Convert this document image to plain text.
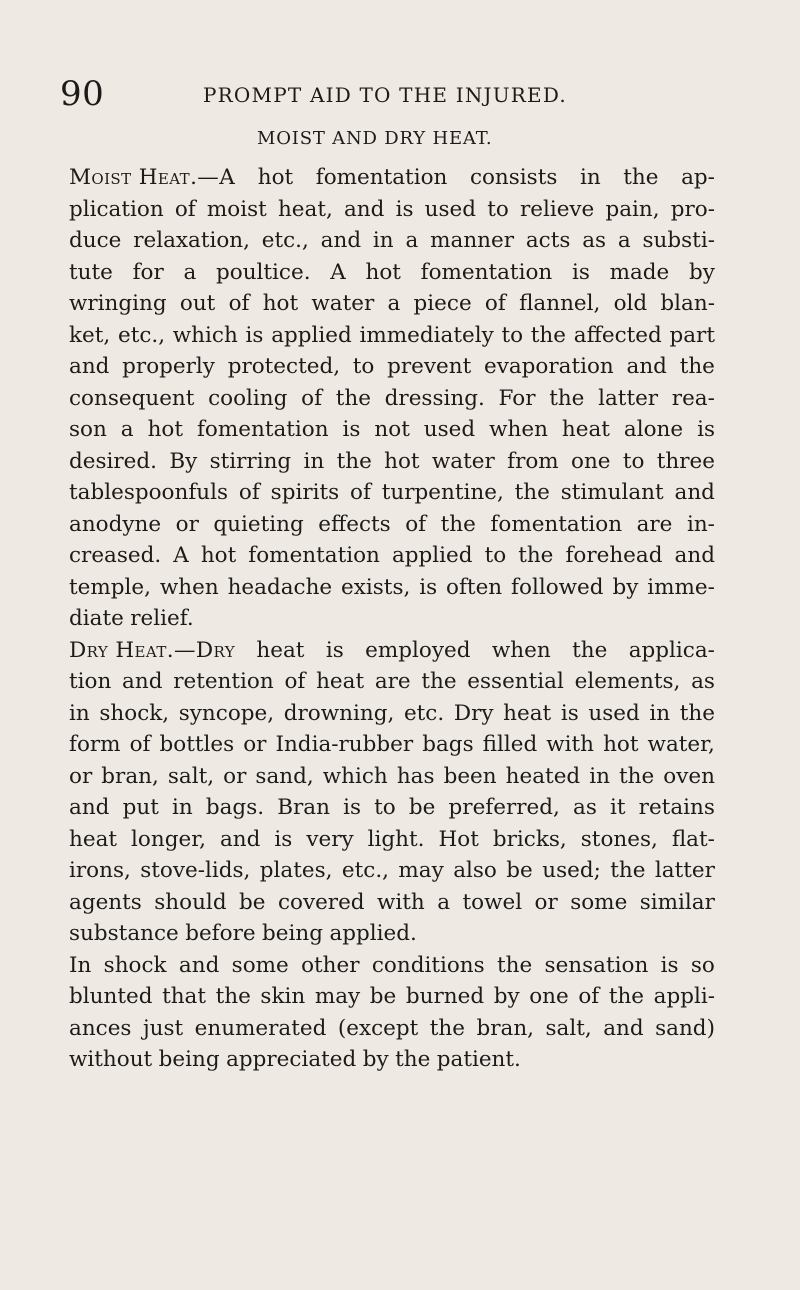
90	PROMPT AID TO THE INJURED.
MOIST AND DRY HEAT.
Moist Heat.—A hot fomentation consists in the ap-
plication of moist heat, and is used to relieve pain, pro-
duce relaxation, etc., and in a manner acts as a substi-
tute for a poultice. A hot fomentation is made by
wringing out of hot water a piece of flannel, old blan-
ket, etc., which is applied immediately to the affected part
and properly protected, to prevent evaporation and the
consequent cooling of the dressing. For the latter rea-
son a hot fomentation is not used when heat alone is
desired. By stirring in the hot water from one to three
tablespoonfuls of spirits of turpentine, the stimulant and
anodyne or quieting effects of the fomentation are in-
creased. A hot fomentation applied to the forehead and
temple, when headache exists, is often followed by imme-
diate relief.
Dry Heat.—Dry heat is employed when the applica-
tion and retention of heat are the essential elements, as
in shock, syncope, drowning, etc. Dry heat is used in the
form of bottles or India-rubber bags filled with hot water,
or bran, salt, or sand, which has been heated in the oven
and put in bags. Bran is to be preferred, as it retains
heat longer, and is very light. Hot bricks, stones, flat-
irons, stove-lids, plates, etc., may also be used; the latter
agents should be covered with a towel or some similar
substance before being applied.
In shock and some other conditions the sensation is so
blunted that the skin may be burned by one of the appli-
ances just enumerated (except the bran, salt, and sand)
without being appreciated by the patient.
